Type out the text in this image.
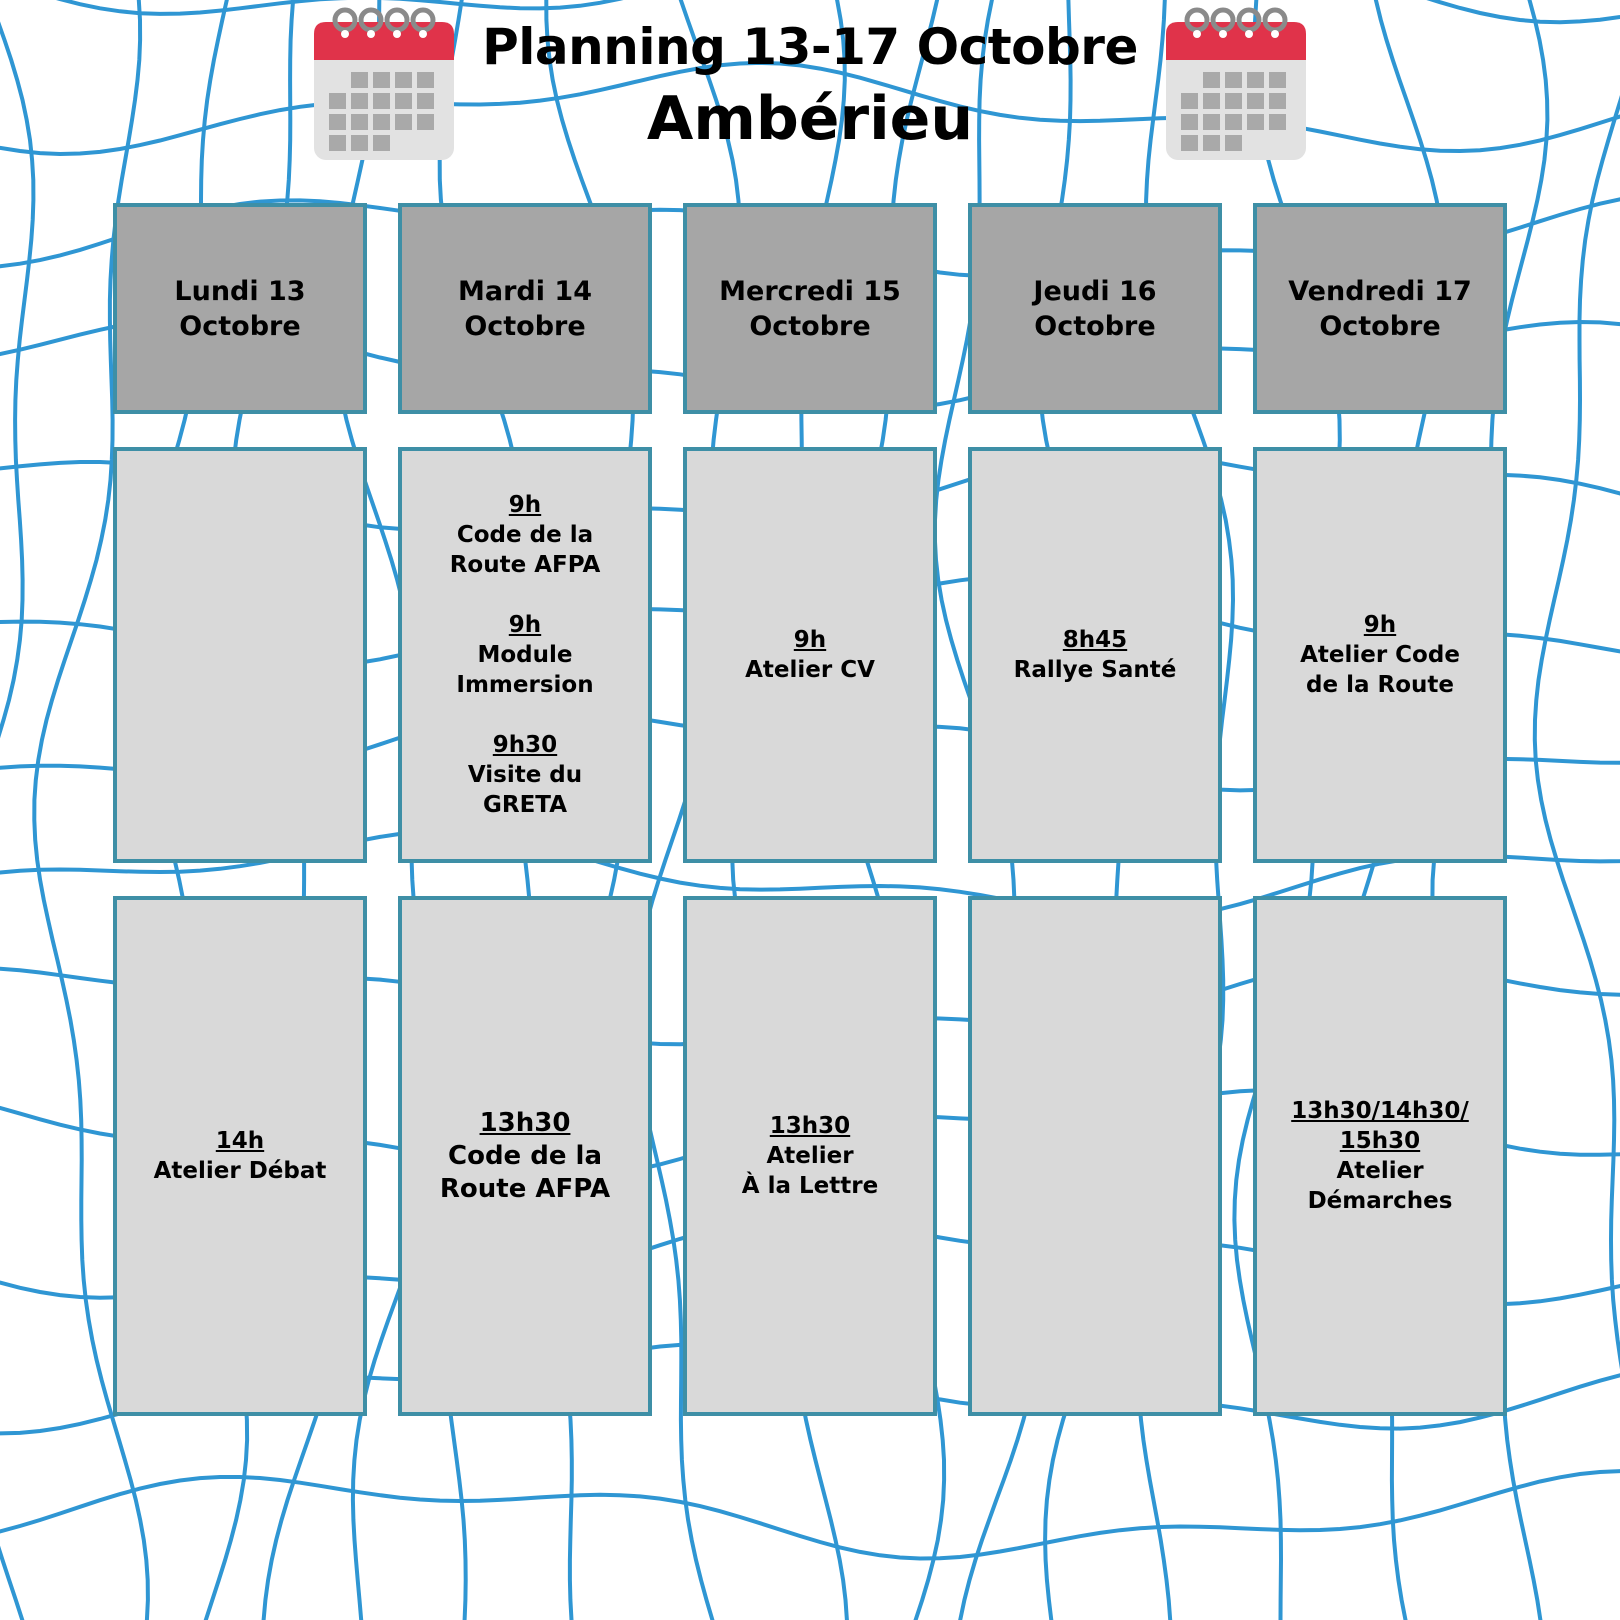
Planning 13-17 Octobre
Ambérieu
Lundi 13
Octobre
Mardi 14
Octobre
Mercredi 15
Octobre
Jeudi 16
Octobre
Vendredi 17
Octobre
9h
Code de la
Route AFPA
9h
Module
Immersion
9h30
Visite du
GRETA
9h
Atelier CV
8h45
Rallye Santé
9h
Atelier Code
de la Route
14h
Atelier Débat
13h30
Code de la
Route AFPA
13h30
Atelier
À la Lettre
13h30/14h30/ 15h30
Atelier
Démarches
